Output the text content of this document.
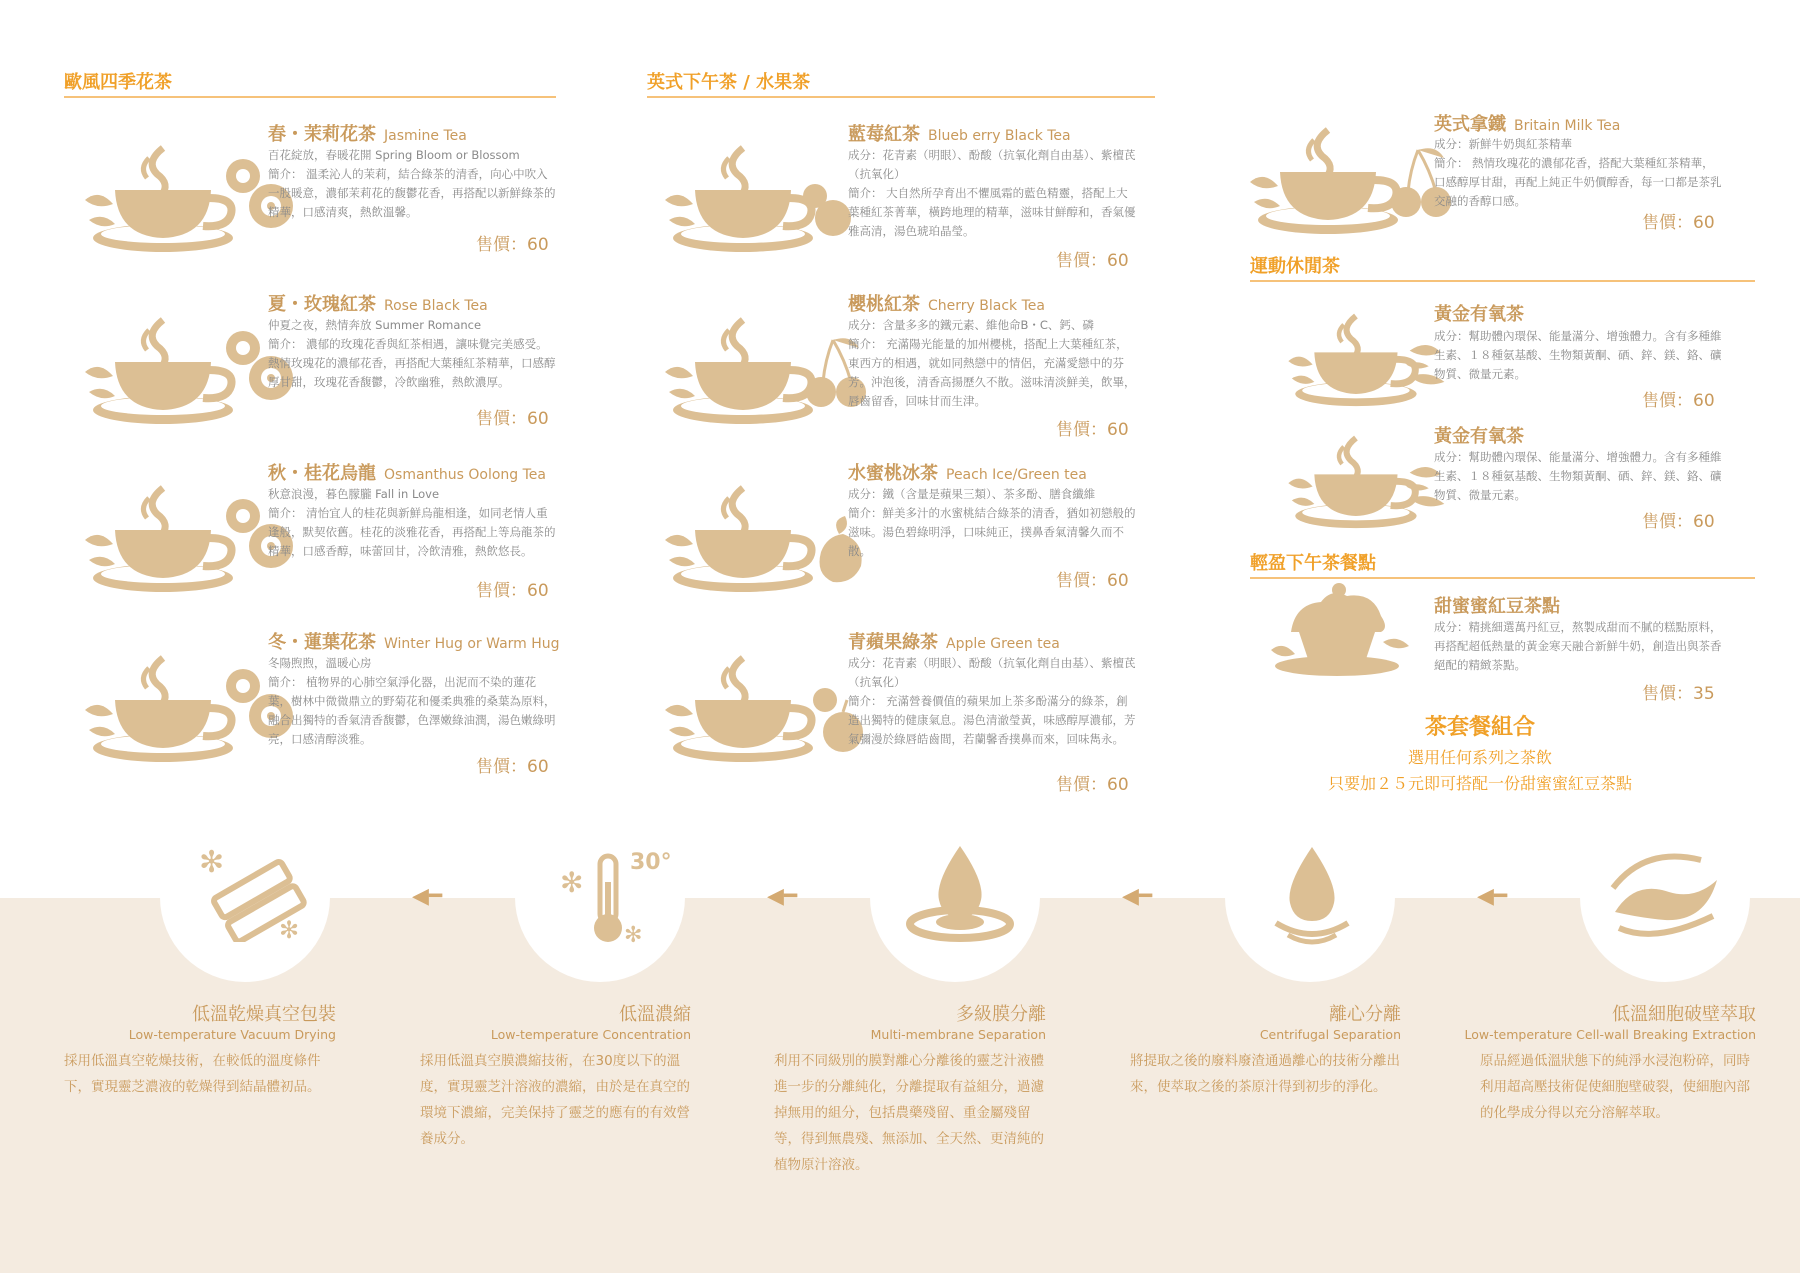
歐風四季花茶	英式下午茶 / 水果茶
運動休閒茶
輕盈下午茶餐點
春・茉莉花茶 Jasmine Tea
百花綻放，春暖花開 Spring Bloom or Blossom
簡介： 溫柔沁人的茉莉，結合綠茶的清香，向心中吹入一股暖意，濃郁茉莉花的馥鬱花香，再搭配以新鮮綠茶的精華，口感清爽，熱飲溫馨。
售價：60
夏・玫瑰紅茶 Rose Black Tea
仲夏之夜，熱情奔放 Summer Romance
簡介： 濃郁的玫瑰花香與紅茶相遇，讓味覺完美感受。熱情玫瑰花的濃郁花香，再搭配大葉種紅茶精華，口感醇厚甘甜，玫瑰花香馥鬱，冷飲幽雅，熱飲濃厚。
售價：60
秋・桂花烏龍 Osmanthus Oolong Tea
秋意浪漫，暮色朦朧 Fall in Love
簡介： 清怡宜人的桂花與新鮮烏龍相逢，如同老情人重逢般，默契依舊。桂花的淡雅花香，再搭配上等烏龍茶的精華，口感香醇，味蕾回甘，冷飲清雅，熱飲悠長。
售價：60
冬・蓮葉花茶 Winter Hug or Warm Hug
冬陽煦煦，溫暖心房
簡介： 植物界的心肺空氣淨化器，出泥而不染的蓮花葉，樹林中微微鼎立的野菊花和優柔典雅的桑葉為原料，融合出獨特的香氣清香馥鬱，色澤嫩綠油潤，湯色嫩綠明亮，口感清醇淡雅。
售價：60
藍莓紅茶 Blueb erry Black Tea
成分：花青素（明眼）、酚酸（抗氧化劑自由基）、紫檀芪（抗氧化）
簡介： 大自然所孕育出不懼風霜的藍色精靈，搭配上大葉種紅茶菁華，橫跨地理的精華，滋味甘鮮醇和，香氣優雅高清，湯色琥珀晶瑩。
售價：60
櫻桃紅茶 Cherry Black Tea
成分：含量多多的鐵元素、維他命B・C、鈣、磷
簡介： 充滿陽光能量的加州櫻桃，搭配上大葉種紅茶，東西方的相遇，就如同熱戀中的情侶，充滿愛戀中的芬芳。沖泡後，清香高揚歷久不散。滋味清淡鮮美，飲畢，唇齒留香，回味甘而生津。
售價：60
水蜜桃冰茶 Peach Ice/Green tea
成分：鐵（含量是蘋果三類）、茶多酚、膳食纖維
簡介：鮮美多汁的水蜜桃結合綠茶的清香，猶如初戀般的滋味。湯色碧綠明淨，口味純正，撲鼻香氣清馨久而不散。
售價：60
青蘋果綠茶 Apple Green tea
成分：花青素（明眼）、酚酸（抗氧化劑自由基）、紫檀芪（抗氧化）
簡介： 充滿營養價值的蘋果加上茶多酚滿分的綠茶，創造出獨特的健康氣息。湯色清澈瑩黃，味感醇厚濃郁，芳氣彌漫於綠唇皓齒間，若蘭馨香撲鼻而來，回味雋永。
售價：60
英式拿鐵 Britain Milk Tea
成分：新鮮牛奶與紅茶精華
簡介： 熱情玫瑰花的濃郁花香，搭配大葉種紅茶精華，口感醇厚甘甜，再配上純正牛奶價醇香，每一口都是茶乳交融的香醇口感。
售價：60
黃金有氧茶
成分：幫助體內環保、能量滿分、增強體力。含有多種維生素、１８種氨基酸、生物類黃酮、硒、鋅、鎂、鉻、礦物質、微量元素。
售價：60
黃金有氧茶
成分：幫助體內環保、能量滿分、增強體力。含有多種維生素、１８種氨基酸、生物類黃酮、硒、鋅、鎂、鉻、礦物質、微量元素。
售價：60
甜蜜蜜紅豆茶點
成分：精挑細選萬丹紅豆，熬製成甜而不膩的糕點原料，再搭配超低熱量的黃金寒天融合新鮮牛奶，創造出與茶香絕配的精緻茶點。
售價：35
茶套餐組合
選用任何系列之茶飲
只要加２５元即可搭配一份甜蜜蜜紅豆茶點
✻
✻
✻
✻
30°
◀━	◀━	◀━	◀━
低溫乾燥真空包裝
Low-temperature Vacuum Drying
採用低溫真空乾燥技術，在較低的溫度條件下，實現靈芝濃液的乾燥得到結晶體初品。
低溫濃縮
Low-temperature Concentration
採用低溫真空膜濃縮技術，在30度以下的溫度，實現靈芝汁溶液的濃縮，由於是在真空的環境下濃縮，完美保持了靈芝的應有的有效營養成分。
多級膜分離
Multi-membrane Separation
利用不同級別的膜對離心分離後的靈芝汁液體進一步的分離純化，分離提取有益組分，過濾掉無用的組分，包括農藥殘留、重金屬殘留等，得到無農殘、無添加、全天然、更清純的植物原汁溶液。
離心分離
Centrifugal Separation
將提取之後的廢料廢渣通過離心的技術分離出來，使萃取之後的茶原汁得到初步的淨化。
低溫細胞破壁萃取
Low-temperature Cell-wall Breaking Extraction
原品經過低溫狀態下的純淨水浸泡粉碎，同時利用超高壓技術促使細胞壁破裂，使細胞內部的化學成分得以充分溶解萃取。
